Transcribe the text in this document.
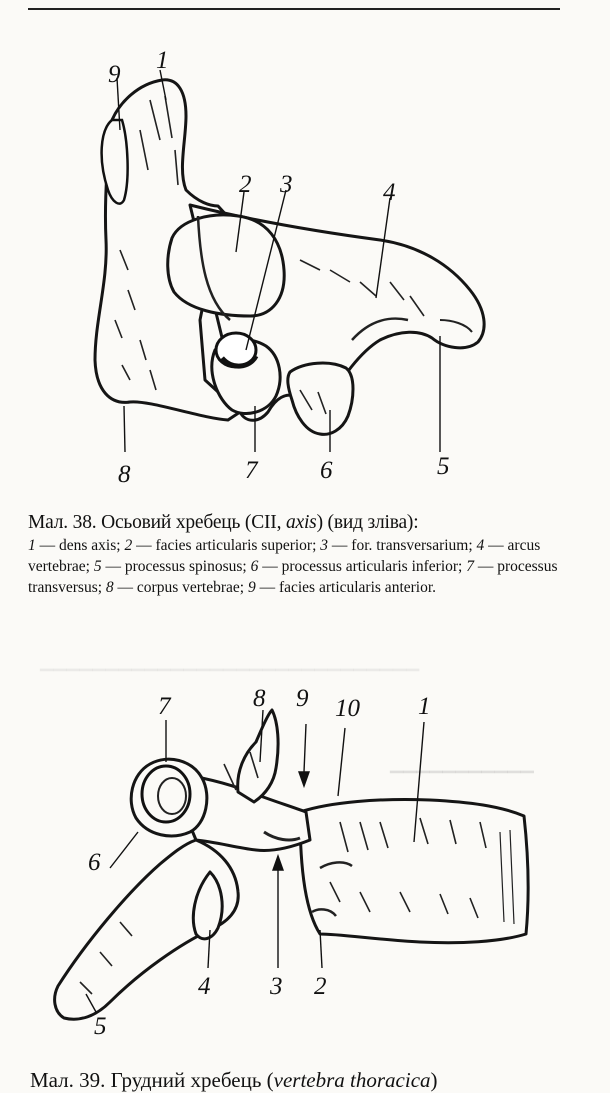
9
1
2 3	4
5
6
7
8
Мал. 38. Осьовий хребець (СІІ, axis) (вид зліва):
1 — dens axis; 2 — facies articularis superior; 3 — for. transversarium; 4 — arcus vertebrae; 5 — processus spinosus; 6 — processus articularis inferior; 7 — processus transversus; 8 — corpus vertebrae; 9 — facies articularis anterior.
▁▁▁▁▁▁▁▁▁▁▁
▁▁▁▁▁▁▁▁▁▁▁▁▁▁▁▁▁▁▁▁▁▁▁▁▁▁▁▁▁
7	8 9 10 1
6
4 3 2
5
Мал. 39. Грудний хребець (vertebra thoracica)
